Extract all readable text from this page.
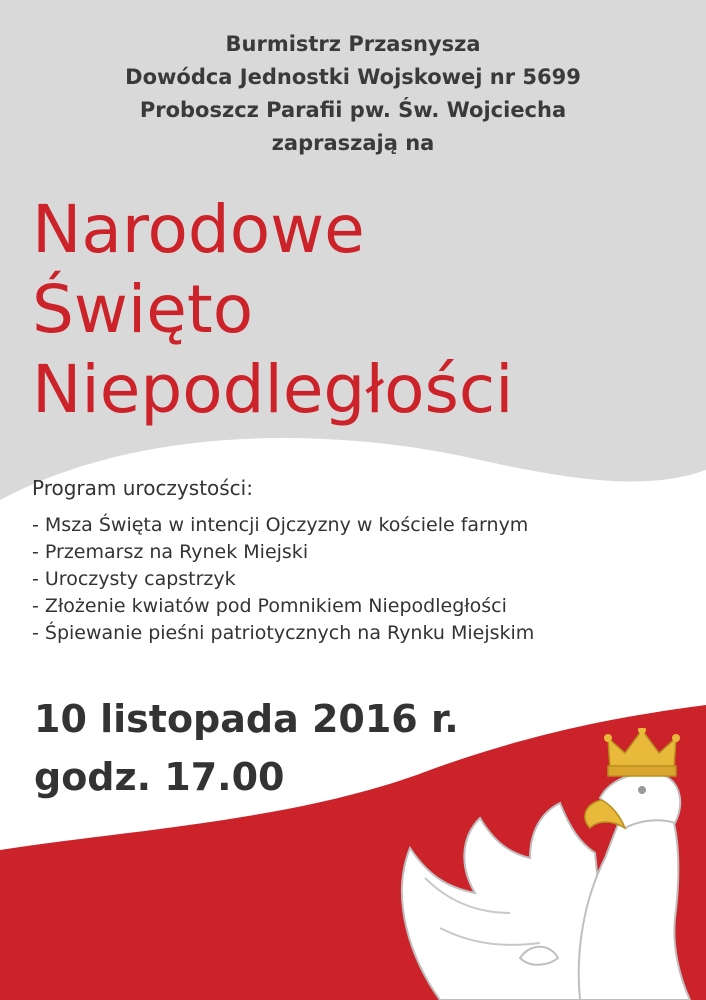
Burmistrz Przasnysza
Dowódca Jednostki Wojskowej nr 5699
Proboszcz Parafii pw. Św. Wojciecha
zapraszają na
Narodowe
Święto
Niepodległości
Program uroczystości:
- Msza Święta w intencji Ojczyzny w kościele farnym
- Przemarsz na Rynek Miejski
- Uroczysty capstrzyk
- Złożenie kwiatów pod Pomnikiem Niepodległości
- Śpiewanie pieśni patriotycznych na Rynku Miejskim
10 listopada 2016 r.
godz. 17.00
